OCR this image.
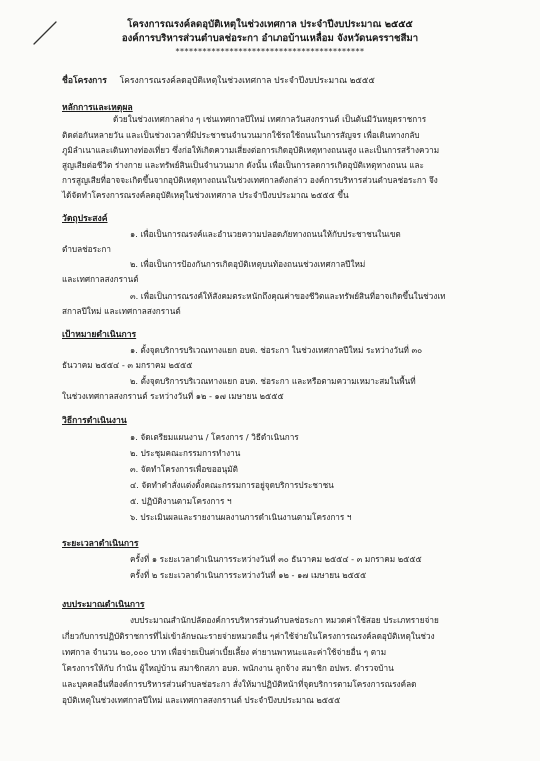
โครงการณรงค์ลดอุบัติเหตุในช่วงเทศกาล ประจำปีงบประมาณ ๒๕๕๕
องค์การบริหารส่วนตำบลช่อระกา อำเภอบ้านเหลื่อม จังหวัดนครราชสีมา
******************************************
ชื่อโครงการ โครงการณรงค์ลดอุบัติเหตุในช่วงเทศกาล ประจำปีงบประมาณ ๒๕๕๕
หลักการและเหตุผล
ด้วยในช่วงเทศกาลต่าง ๆ เช่นเทศกาลปีใหม่ เทศกาลวันสงกรานต์ เป็นต้นมีวันหยุดราชการ
ติดต่อกันหลายวัน และเป็นช่วงเวลาที่มีประชาชนจำนวนมากใช้รถใช้ถนนในการสัญจร เพื่อเดินทางกลับ
ภูมิลำเนาและเดินทางท่องเที่ยว ซึ่งก่อให้เกิดความเสี่ยงต่อการเกิดอุบัติเหตุทางถนนสูง และเป็นการสร้างความ
สูญเสียต่อชีวิต ร่างกาย และทรัพย์สินเป็นจำนวนมาก ดังนั้น เพื่อเป็นการลดการเกิดอุบัติเหตุทางถนน และ
การสูญเสียที่อาจจะเกิดขึ้นจากอุบัติเหตุทางถนนในช่วงเทศกาลดังกล่าว องค์การบริหารส่วนตำบลช่อระกา จึง
ได้จัดทำโครงการณรงค์ลดอุบัติเหตุในช่วงเทศกาล ประจำปีงบประมาณ ๒๕๕๕ ขึ้น
วัตถุประสงค์
๑. เพื่อเป็นการณรงค์และอำนวยความปลอดภัยทางถนนให้กับประชาชนในเขต
ตำบลช่อระกา
๒. เพื่อเป็นการป้องกันการเกิดอุบัติเหตุบนท้องถนนช่วงเทศกาลปีใหม่
และเทศกาลสงกรานต์
๓. เพื่อเป็นการณรงค์ให้สังคมตระหนักถึงคุณค่าของชีวิตและทรัพย์สินที่อาจเกิดขึ้นในช่วงเท
สกาลปีใหม่ และเทศกาลสงกรานต์
เป้าหมายดำเนินการ
๑. ตั้งจุดบริการบริเวณทางแยก อบต. ช่อระกา ในช่วงเทศกาลปีใหม่ ระหว่างวันที่ ๓๐
ธันวาคม ๒๕๕๔ - ๓ มกราคม ๒๕๕๕
๒. ตั้งจุดบริการบริเวณทางแยก อบต. ช่อระกา และหรือตามความเหมาะสมในพื้นที่
ในช่วงเทศกาลสงกรานต์ ระหว่างวันที่ ๑๒ - ๑๗ เมษายน ๒๕๕๕
วิธีการดำเนินงาน
๑. จัดเตรียมแผนงาน / โครงการ / วิธีดำเนินการ
๒. ประชุมคณะกรรมการทำงาน
๓. จัดทำโครงการเพื่อขออนุมัติ
๔. จัดทำคำสั่งแต่งตั้งคณะกรรมการอยู่จุดบริการประชาชน
๕. ปฏิบัติงานตามโครงการ ฯ
๖. ประเมินผลและรายงานผลงานการดำเนินงานตามโครงการ ฯ
ระยะเวลาดำเนินการ
ครั้งที่ ๑ ระยะเวลาดำเนินการระหว่างวันที่ ๓๐ ธันวาคม ๒๕๕๔ - ๓ มกราคม ๒๕๕๕
ครั้งที่ ๒ ระยะเวลาดำเนินการระหว่างวันที่ ๑๒ - ๑๗ เมษายน ๒๕๕๕
งบประมาณดำเนินการ
งบประมาณสำนักปลัดองค์การบริหารส่วนตำบลช่อระกา หมวดค่าใช้สอย ประเภทรายจ่าย
เกี่ยวกับการปฏิบัติราชการที่ไม่เข้าลักษณะรายจ่ายหมวดอื่น ๆค่าใช้จ่ายในโครงการณรงค์ลดอุบัติเหตุในช่วง
เทศกาล จำนวน ๒๐,๐๐๐ บาท เพื่อจ่ายเป็นค่าเบี้ยเลี้ยง ค่ายานพาหนะและค่าใช้จ่ายอื่น ๆ ตาม
โครงการให้กับ กำนัน ผู้ใหญ่บ้าน สมาชิกสภา อบต. พนักงาน ลูกจ้าง สมาชิก อปพร. ตำรวจบ้าน
และบุคคลอื่นที่องค์การบริหารส่วนตำบลช่อระกา สั่งให้มาปฏิบัติหน้าที่จุดบริการตามโครงการณรงค์ลด
อุบัติเหตุในช่วงเทศกาลปีใหม่ และเทศกาลสงกรานต์ ประจำปีงบประมาณ ๒๕๕๕
